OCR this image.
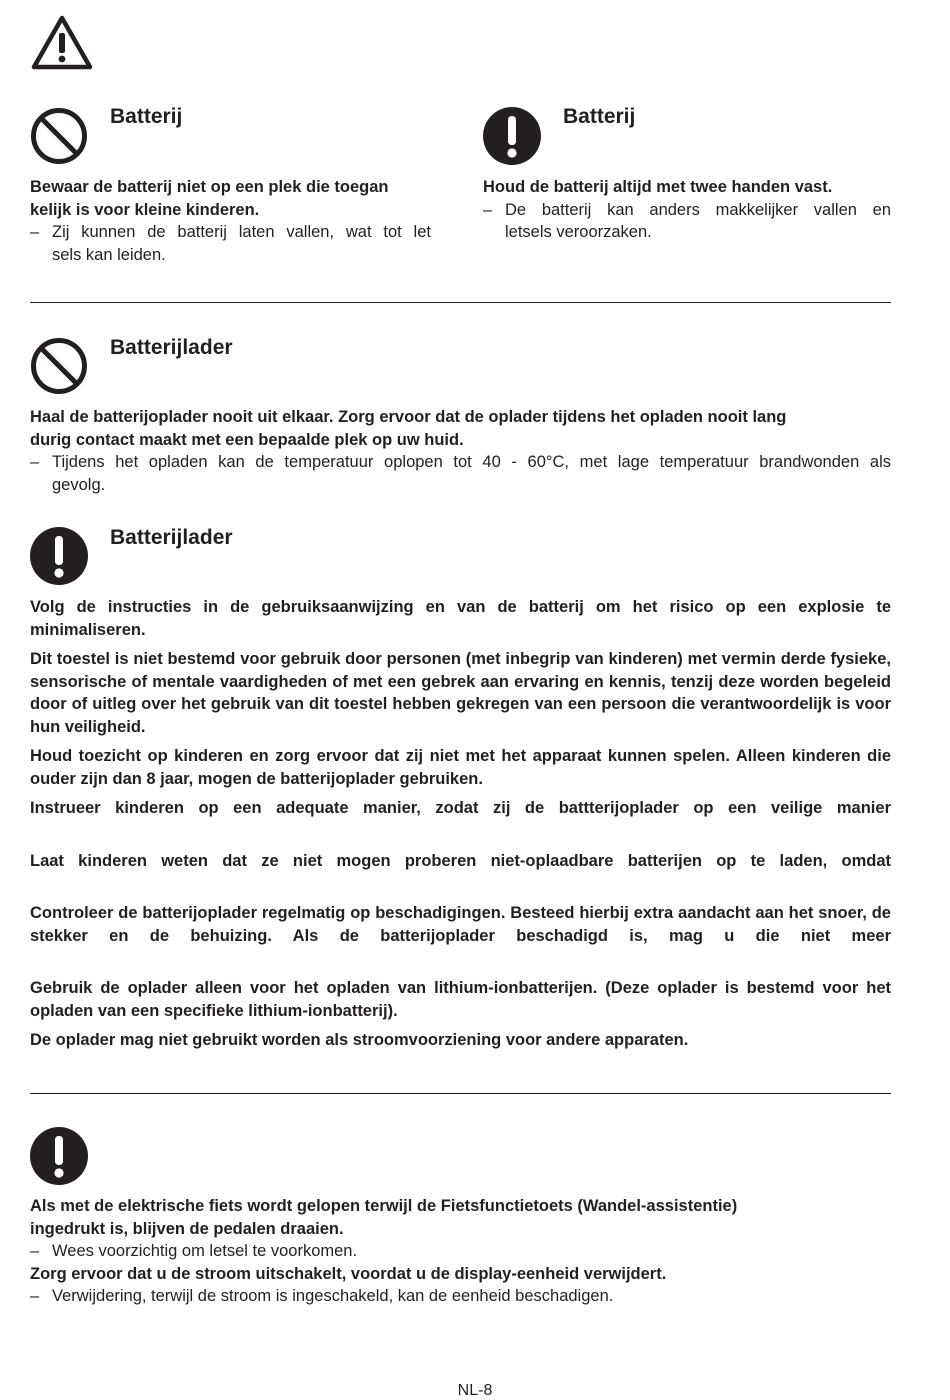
Batterij
Bewaar de batterij niet op een plek die toegan
kelijk is voor kleine kinderen.
– Zij kunnen de batterij laten vallen, wat tot let
sels kan leiden.
Batterij
Houd de batterij altijd met twee handen vast.
– De batterij kan anders makkelijker vallen en
letsels veroorzaken.
Batterijlader
Haal de batterijoplader nooit uit elkaar. Zorg ervoor dat de oplader tijdens het opladen nooit lang
durig contact maakt met een bepaalde plek op uw huid.
– Tijdens het opladen kan de temperatuur oplopen tot 40 - 60°C, met lage temperatuur brandwonden als
gevolg.
Batterijlader

Volg de instructies in de gebruiksaanwijzing en van de batterij om het risico op een explosie te minimaliseren.

Dit toestel is niet bestemd voor gebruik door personen (met inbegrip van kinderen) met vermin derde fysieke, sensorische of mentale vaardigheden of met een gebrek aan ervaring en kennis, tenzij deze worden begeleid door of uitleg over het gebruik van dit toestel hebben gekregen van een persoon die verantwoordelijk is voor hun veiligheid.

Houd toezicht op kinderen en zorg ervoor dat zij niet met het apparaat kunnen spelen. Alleen kinderen die ouder zijn dan 8 jaar, mogen de batterijoplader gebruiken.

Instrueer kinderen op een adequate manier, zodat zij de battterijoplader op een veilige manier

Laat kinderen weten dat ze niet mogen proberen niet-oplaadbare batterijen op te laden, omdat

Controleer de batterijoplader regelmatig op beschadigingen. Besteed hierbij extra aandacht aan het snoer, de stekker en de behuizing. Als de batterijoplader beschadigd is, mag u die niet meer

Gebruik de oplader alleen voor het opladen van lithium-ionbatterijen. (Deze oplader is bestemd voor het opladen van een specifieke lithium-ionbatterij).

De oplader mag niet gebruikt worden als stroomvoorziening voor andere apparaten.

Als met de elektrische fiets wordt gelopen terwijl de Fietsfunctietoets (Wandel-assistentie)
ingedrukt is, blijven de pedalen draaien.
– Wees voorzichtig om letsel te voorkomen.
Zorg ervoor dat u de stroom uitschakelt, voordat u de display-eenheid verwijdert.
– Verwijdering, terwijl de stroom is ingeschakeld, kan de eenheid beschadigen.
NL-8
